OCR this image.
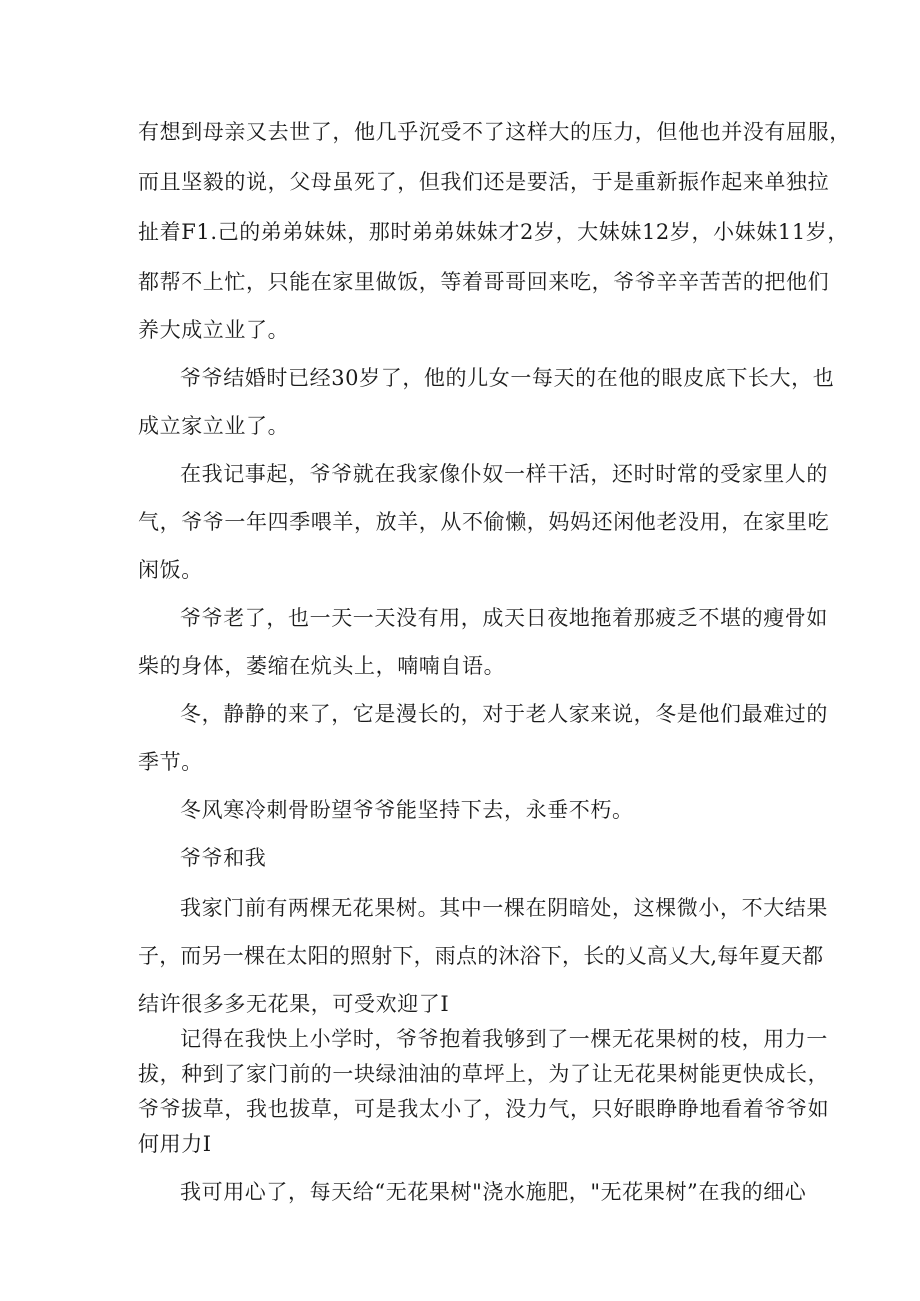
有想到母亲又去世了，他几乎沉受不了这样大的压力，但他也并没有屈服，
而且坚毅的说，父母虽死了，但我们还是要活，于是重新振作起来单独拉
扯着F1.己的弟弟妹妹，那时弟弟妹妹才2岁，大妹妹12岁，小妹妹11岁，
都帮不上忙，只能在家里做饭，等着哥哥回来吃，爷爷辛辛苦苦的把他们
养大成立业了。
爷爷结婚时已经30岁了，他的儿女一每天的在他的眼皮底下长大，也
成立家立业了。
在我记事起，爷爷就在我家像仆奴一样干活，还时时常的受家里人的
气，爷爷一年四季喂羊，放羊，从不偷懒，妈妈还闲他老没用，在家里吃
闲饭。
爷爷老了，也一天一天没有用，成天日夜地拖着那疲乏不堪的瘦骨如
柴的身体，萎缩在炕头上，喃喃自语。
冬，静静的来了，它是漫长的，对于老人家来说，冬是他们最难过的
季节。
冬风寒冷刺骨盼望爷爷能坚持下去，永垂不朽。
爷爷和我
我家门前有两棵无花果树。其中一棵在阴暗处，这棵微小，不大结果
子，而另一棵在太阳的照射下，雨点的沐浴下，长的乂高乂大,每年夏天都
结许很多多无花果，可受欢迎了I
记得在我快上小学时，爷爷抱着我够到了一棵无花果树的枝，用力一
拔，种到了家门前的一块绿油油的草坪上，为了让无花果树能更快成长，
爷爷拔草，我也拔草，可是我太小了，没力气，只好眼睁睁地看着爷爷如
何用力I
我可用心了，每天给“无花果树"浇水施肥，"无花果树”在我的细心
